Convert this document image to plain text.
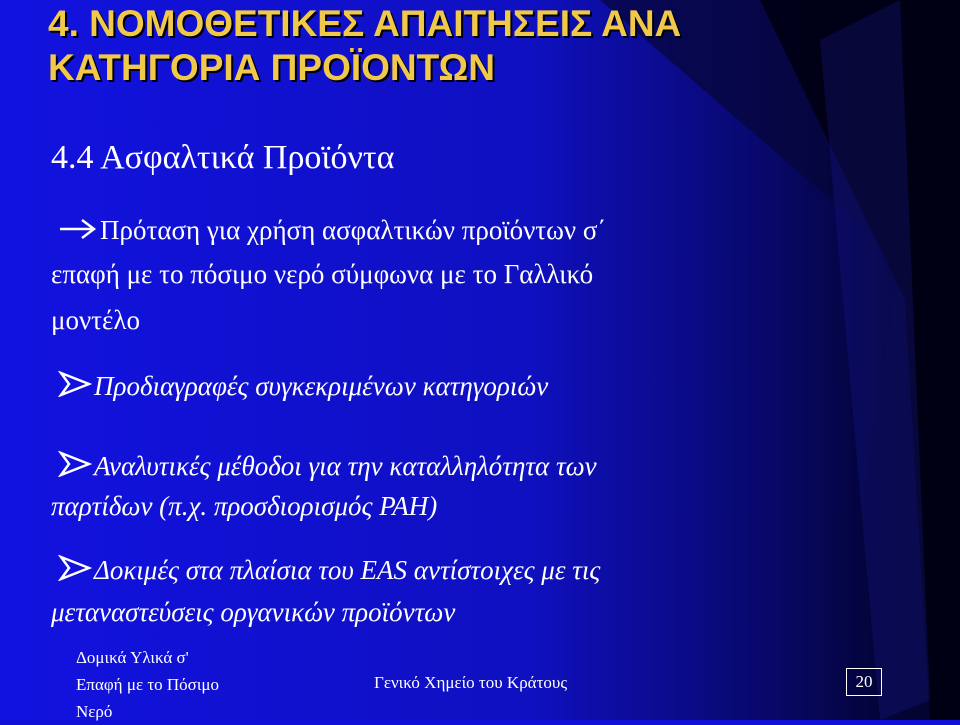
4. ΝΟΜΟΘΕΤΙΚΕΣ ΑΠΑΙΤΗΣΕΙΣ ΑΝΑ
ΚΑΤΗΓΟΡΙΑ ΠΡΟΪΟΝΤΩΝ
4.4 Ασφαλτικά Προϊόντα
Πρόταση για χρήση ασφαλτικών προϊόντων σ΄
επαφή με το πόσιμο νερό σύμφωνα με το Γαλλικό
μοντέλο
Προδιαγραφές συγκεκριμένων κατηγοριών
Αναλυτικές μέθοδοι για την καταλληλότητα των
παρτίδων (π.χ. προσδιορισμός PAH)
Δοκιμές στα πλαίσια του EAS αντίστοιχες με τις
μεταναστεύσεις οργανικών προϊόντων
Δομικά Υλικά σ'
Επαφή με το Πόσιμο
Νερό
Γενικό Χημείο του Κράτους	20
